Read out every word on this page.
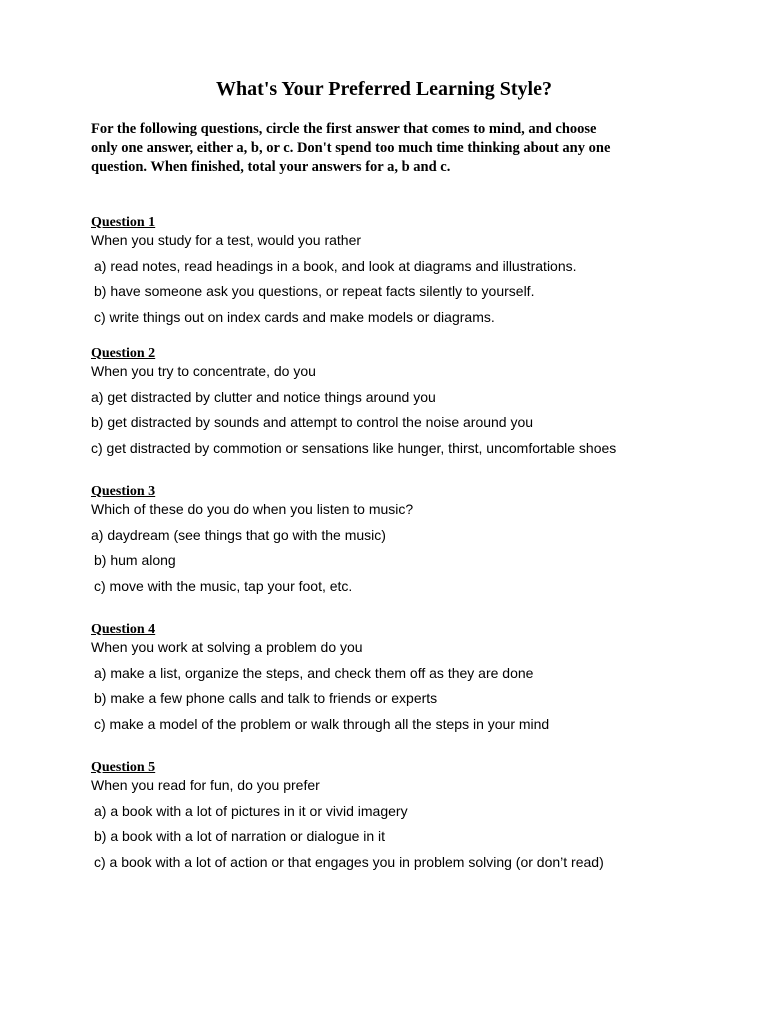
What's Your Preferred Learning Style?
For the following questions, circle the first answer that comes to mind, and choose
only one answer, either a, b, or c. Don't spend too much time thinking about any one
question. When finished, total your answers for a, b and c.
Question 1
When you study for a test, would you rather
a) read notes, read headings in a book, and look at diagrams and illustrations.
b) have someone ask you questions, or repeat facts silently to yourself.
c) write things out on index cards and make models or diagrams.
Question 2
When you try to concentrate, do you
a) get distracted by clutter and notice things around you
b) get distracted by sounds and attempt to control the noise around you
c) get distracted by commotion or sensations like hunger, thirst, uncomfortable shoes
Question 3
Which of these do you do when you listen to music?
a) daydream (see things that go with the music)
b) hum along
c) move with the music, tap your foot, etc.
Question 4
When you work at solving a problem do you
a) make a list, organize the steps, and check them off as they are done
b) make a few phone calls and talk to friends or experts
c) make a model of the problem or walk through all the steps in your mind
Question 5
When you read for fun, do you prefer
a) a book with a lot of pictures in it or vivid imagery
b) a book with a lot of narration or dialogue in it
c) a book with a lot of action or that engages you in problem solving (or don’t read)
